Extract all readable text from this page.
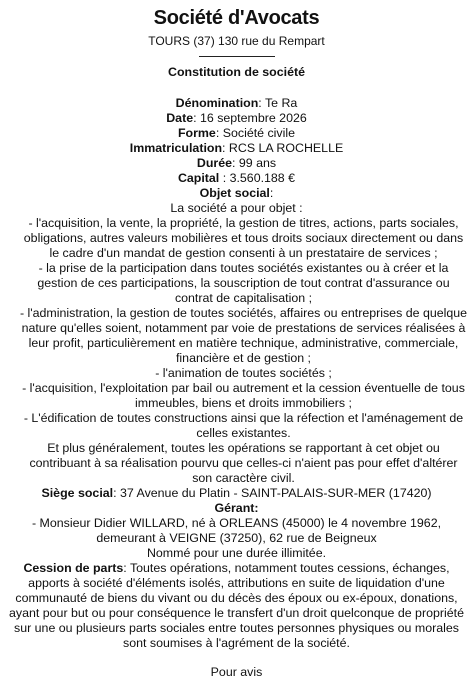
Société d'Avocats
TOURS (37) 130 rue du Rempart
Constitution de société
Dénomination: Te Ra
Date: 16 septembre 2026
Forme: Société civile
Immatriculation: RCS LA ROCHELLE
Durée: 99 ans
Capital : 3.560.188 €
Objet social:

La société a pour objet :

- l'acquisition, la vente, la propriété, la gestion de titres, actions, parts sociales, obligations, autres valeurs mobilières et tous droits sociaux directement ou dans le cadre d'un mandat de gestion consenti à un prestataire de services ;

- la prise de la participation dans toutes sociétés existantes ou à créer et la gestion de ces participations, la souscription de tout contrat d'assurance ou contrat de capitalisation ;

- l'administration, la gestion de toutes sociétés, affaires ou entreprises de quelque nature qu'elles soient, notamment par voie de prestations de services réalisées à leur profit, particulièrement en matière technique, administrative, commerciale, financière et de gestion ;

- l'animation de toutes sociétés ;

- l'acquisition, l'exploitation par bail ou autrement et la cession éventuelle de tous immeubles, biens et droits immobiliers ;

- L'édification de toutes constructions ainsi que la réfection et l'aménagement de celles existantes.

Et plus généralement, toutes les opérations se rapportant à cet objet ou contribuant à sa réalisation pourvu que celles-ci n'aient pas pour effet d'altérer son caractère civil.

Siège social: 37 Avenue du Platin - SAINT-PALAIS-SUR-MER (17420)

Gérant:

- Monsieur Didier WILLARD, né à ORLEANS (45000) le 4 novembre 1962, demeurant à VEIGNE (37250), 62 rue de Beigneux

Nommé pour une durée illimitée.

Cession de parts: Toutes opérations, notamment toutes cessions, échanges, apports à société d'éléments isolés, attributions en suite de liquidation d'une communauté de biens du vivant ou du décès des époux ou ex-époux, donations, ayant pour but ou pour conséquence le transfert d'un droit quelconque de propriété sur une ou plusieurs parts sociales entre toutes personnes physiques ou morales sont soumises à l'agrément de la société.

Pour avis
